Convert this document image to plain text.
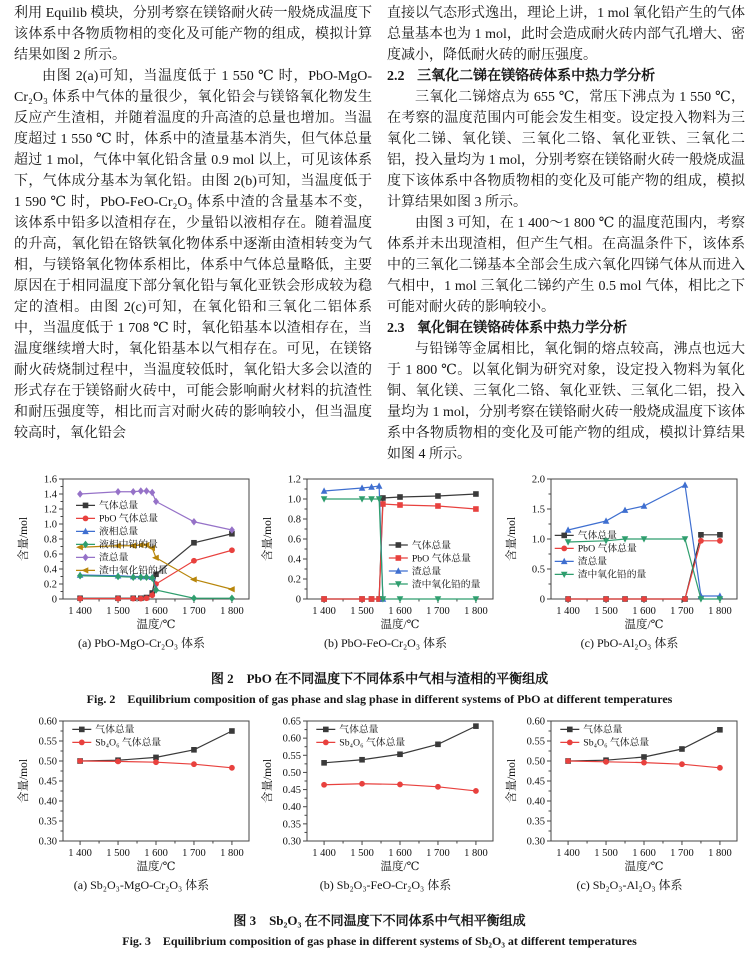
利用 Equilib 模块，分别考察在镁铬耐火砖一般烧成温度下该体系中各物质物相的变化及可能产物的组成，模拟计算结果如图 2 所示。

由图 2(a)可知，当温度低于 1 550 ℃ 时，PbO-MgO-Cr₂O₃ 体系中气体的量很少，氧化铅会与镁铬氧化物发生反应产生渣相，并随着温度的升高渣的总量也增加。当温度超过 1 550 ℃ 时，体系中的渣量基本消失，但气体总量超过 1 mol，气体中氧化铅含量 0.9 mol 以上，可见该体系下，气体成分基本为氧化铅。由图 2(b)可知，当温度低于 1 590 ℃ 时，PbO-FeO-Cr₂O₃ 体系中渣的含量基本不变，该体系中铅多以渣相存在，少量铅以液相存在。随着温度的升高，氧化铅在铬铁氧化物体系中逐渐由渣相转变为气相，与镁铬氧化物体系相比，体系中气体总量略低，主要原因在于相同温度下部分氧化铅与氧化亚铁会形成较为稳定的渣相。由图 2(c)可知，在氧化铅和三氧化二铝体系中，当温度低于 1 708 ℃ 时，氧化铅基本以渣相存在，当温度继续增大时，氧化铅基本以气相存在。可见，在镁铬耐火砖烧制过程中，当温度较低时，氧化铅大多会以渣的形式存在于镁铬耐火砖中，可能会影响耐火材料的抗渣性和耐压强度等，相比而言对耐火砖的影响较小，但当温度较高时，氧化铅会

直接以气态形式逸出，理论上讲，1 mol 氧化铅产生的气体总量基本也为 1 mol，此时会造成耐火砖内部气孔增大、密度减小，降低耐火砖的耐压强度。

2.2 三氧化二锑在镁铬砖体系中热力学分析

三氧化二锑熔点为 655 ℃，常压下沸点为 1 550 ℃，在考察的温度范围内可能会发生相变。设定投入物料为三氧化二锑、氧化镁、三氧化二铬、氧化亚铁、三氧化二铝，投入量均为 1 mol，分别考察在镁铬耐火砖一般烧成温度下该体系中各物质物相的变化及可能产物的组成，模拟计算结果如图 3 所示。

由图 3 可知，在 1 400～1 800 ℃ 的温度范围内，考察体系并未出现渣相，但产生气相。在高温条件下，该体系中的三氧化二锑基本全部会生成六氧化四锑气体从而进入气相中，1 mol 三氧化二锑约产生 0.5 mol 气体，相比之下可能对耐火砖的影响较小。

2.3 氧化铜在镁铬砖体系中热力学分析

与铅锑等金属相比，氧化铜的熔点较高，沸点也远大于 1 800 ℃。以氧化铜为研究对象，设定投入物料为氧化铜、氧化镁、三氧化二铬、氧化亚铁、三氧化二铝，投入量均为 1 mol，分别考察在镁铬耐火砖一般烧成温度下该体系中各物质物相的变化及可能产物的组成，模拟计算结果如图 4 所示。

0
0.2
0.4
0.6
0.8
1.0
1.2
1.4
1.6
1 400 1 500 1 600 1 700 1 800
温度/℃
含量/mol
气体总量
PbO 气体总量
液相总量
液相中铅的量
渣总量
渣中氧化铅的量
(a) PbO-MgO-Cr₂O₃ 体系
0
0.2
0.4
0.6
0.8
1.0
1.2
1 400 1 500 1 600 1 700 1 800
温度/℃
含量/mol	气体总量
PbO 气体总量
渣总量
渣中氧化铅的量
(b) PbO-FeO-Cr₂O₃ 体系
0
0.5
1.0
1.5
2.0
1 400 1 500 1 600 1 700 1 800
温度/℃
含量/mol	气体总量
PbO 气体总量
渣总量
渣中氧化铅的量
(c) PbO-Al₂O₃ 体系
图 2　PbO 在不同温度下不同体系中气相与渣相的平衡组成
Fig. 2　Equilibrium composition of gas phase and slag phase in different systems of PbO at different temperatures
0.30
0.35
0.40
0.45
0.50
0.55
0.60
1 400 1 500 1 600 1 700 1 800
温度/℃
含量/mol
气体总量
Sb₄O₆ 气体总量
(a) Sb₂O₃-MgO-Cr₂O₃ 体系
0.30
0.35
0.40
0.45
0.50
0.55
0.60
0.65
1 400 1 500 1 600 1 700 1 800
温度/℃
含量/mol
气体总量
Sb₄O₆ 气体总量
(b) Sb₂O₃-FeO-Cr₂O₃ 体系
0.30
0.35
0.40
0.45
0.50
0.55
0.60
1 400 1 500 1 600 1 700 1 800
温度/℃
含量/mol
气体总量
Sb₄O₆ 气体总量
(c) Sb₂O₃-Al₂O₃ 体系
图 3　Sb₂O₃ 在不同温度下不同体系中气相平衡组成
Fig. 3　Equilibrium composition of gas phase in different systems of Sb₂O₃ at different temperatures
